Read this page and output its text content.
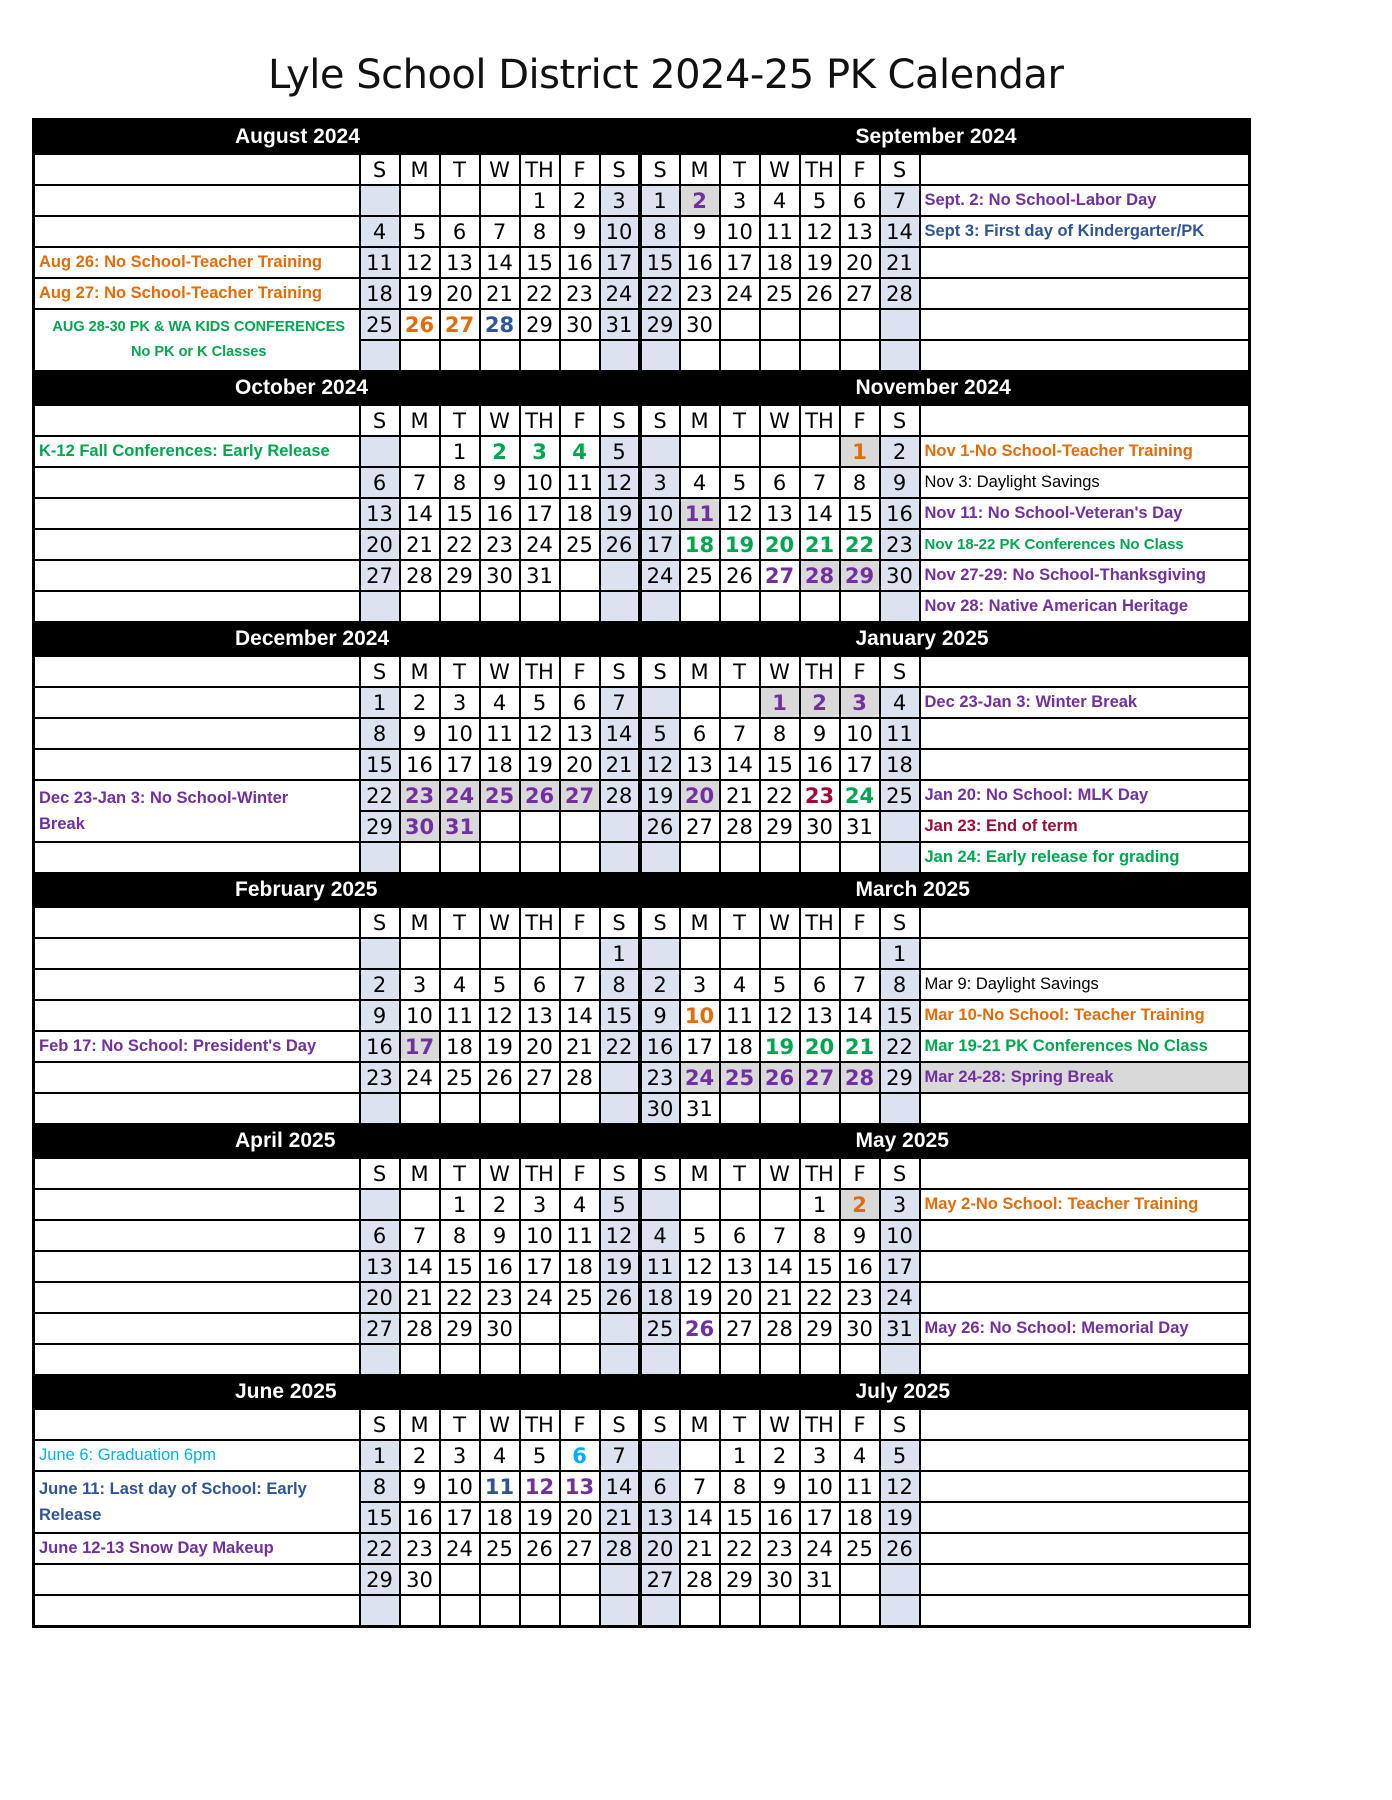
Lyle School District 2024-25 PK Calendar
August 2024								September 2024							
	S	M	T	W	TH	F	S	S	M	T	W	TH	F	S	
					1	2	3	1	2	3	4	5	6	7	Sept. 2: No School-Labor Day
	4	5	6	7	8	9	10	8	9	10	11	12	13	14	Sept 3: First day of Kindergarter/PK
Aug 26: No School-Teacher Training	11	12	13	14	15	16	17	15	16	17	18	19	20	21	
Aug 27: No School-Teacher Training	18	19	20	21	22	23	24	22	23	24	25	26	27	28	
AUG 28-30 PK & WA KIDS CONFERENCES
No PK or K Classes	25	26	27	28	29	30	31	29	30						

October 2024								November 2024							
	S	M	T	W	TH	F	S	S	M	T	W	TH	F	S	
K-12 Fall Conferences: Early Release			1	2	3	4	5						1	2	Nov 1-No School-Teacher Training
	6	7	8	9	10	11	12	3	4	5	6	7	8	9	Nov 3: Daylight Savings
	13	14	15	16	17	18	19	10	11	12	13	14	15	16	Nov 11: No School-Veteran's Day
	20	21	22	23	24	25	26	17	18	19	20	21	22	23	Nov 18-22 PK Conferences No Class
	27	28	29	30	31			24	25	26	27	28	29	30	Nov 27-29: No School-Thanksgiving
															Nov 28: Native American Heritage
December 2024								January 2025							
	S	M	T	W	TH	F	S	S	M	T	W	TH	F	S	
	1	2	3	4	5	6	7				1	2	3	4	Dec 23-Jan 3: Winter Break
	8	9	10	11	12	13	14	5	6	7	8	9	10	11	
	15	16	17	18	19	20	21	12	13	14	15	16	17	18	
Dec 23-Jan 3: No School-Winter
Break	22	23	24	25	26	27	28	19	20	21	22	23	24	25	Jan 20: No School: MLK Day
	29	30	31					26	27	28	29	30	31		Jan 23: End of term
															Jan 24: Early release for grading
February 2025								March 2025							
	S	M	T	W	TH	F	S	S	M	T	W	TH	F	S	
							1							1	
	2	3	4	5	6	7	8	2	3	4	5	6	7	8	Mar 9: Daylight Savings
	9	10	11	12	13	14	15	9	10	11	12	13	14	15	Mar 10-No School: Teacher Training
Feb 17: No School: President's Day	16	17	18	19	20	21	22	16	17	18	19	20	21	22	Mar 19-21 PK Conferences No Class
	23	24	25	26	27	28		23	24	25	26	27	28	29	Mar 24-28: Spring Break
								30	31						
April 2025								May 2025							
	S	M	T	W	TH	F	S	S	M	T	W	TH	F	S	
			1	2	3	4	5					1	2	3	May 2-No School: Teacher Training
	6	7	8	9	10	11	12	4	5	6	7	8	9	10	
	13	14	15	16	17	18	19	11	12	13	14	15	16	17	
	20	21	22	23	24	25	26	18	19	20	21	22	23	24	
	27	28	29	30				25	26	27	28	29	30	31	May 26: No School: Memorial Day

June 2025								July 2025							
	S	M	T	W	TH	F	S	S	M	T	W	TH	F	S	
June 6: Graduation 6pm	1	2	3	4	5	6	7			1	2	3	4	5	
June 11: Last day of School: Early
Release	8	9	10	11	12	13	14	6	7	8	9	10	11	12	
	15	16	17	18	19	20	21	13	14	15	16	17	18	19	
June 12-13 Snow Day Makeup	22	23	24	25	26	27	28	20	21	22	23	24	25	26	
	29	30						27	28	29	30	31			
